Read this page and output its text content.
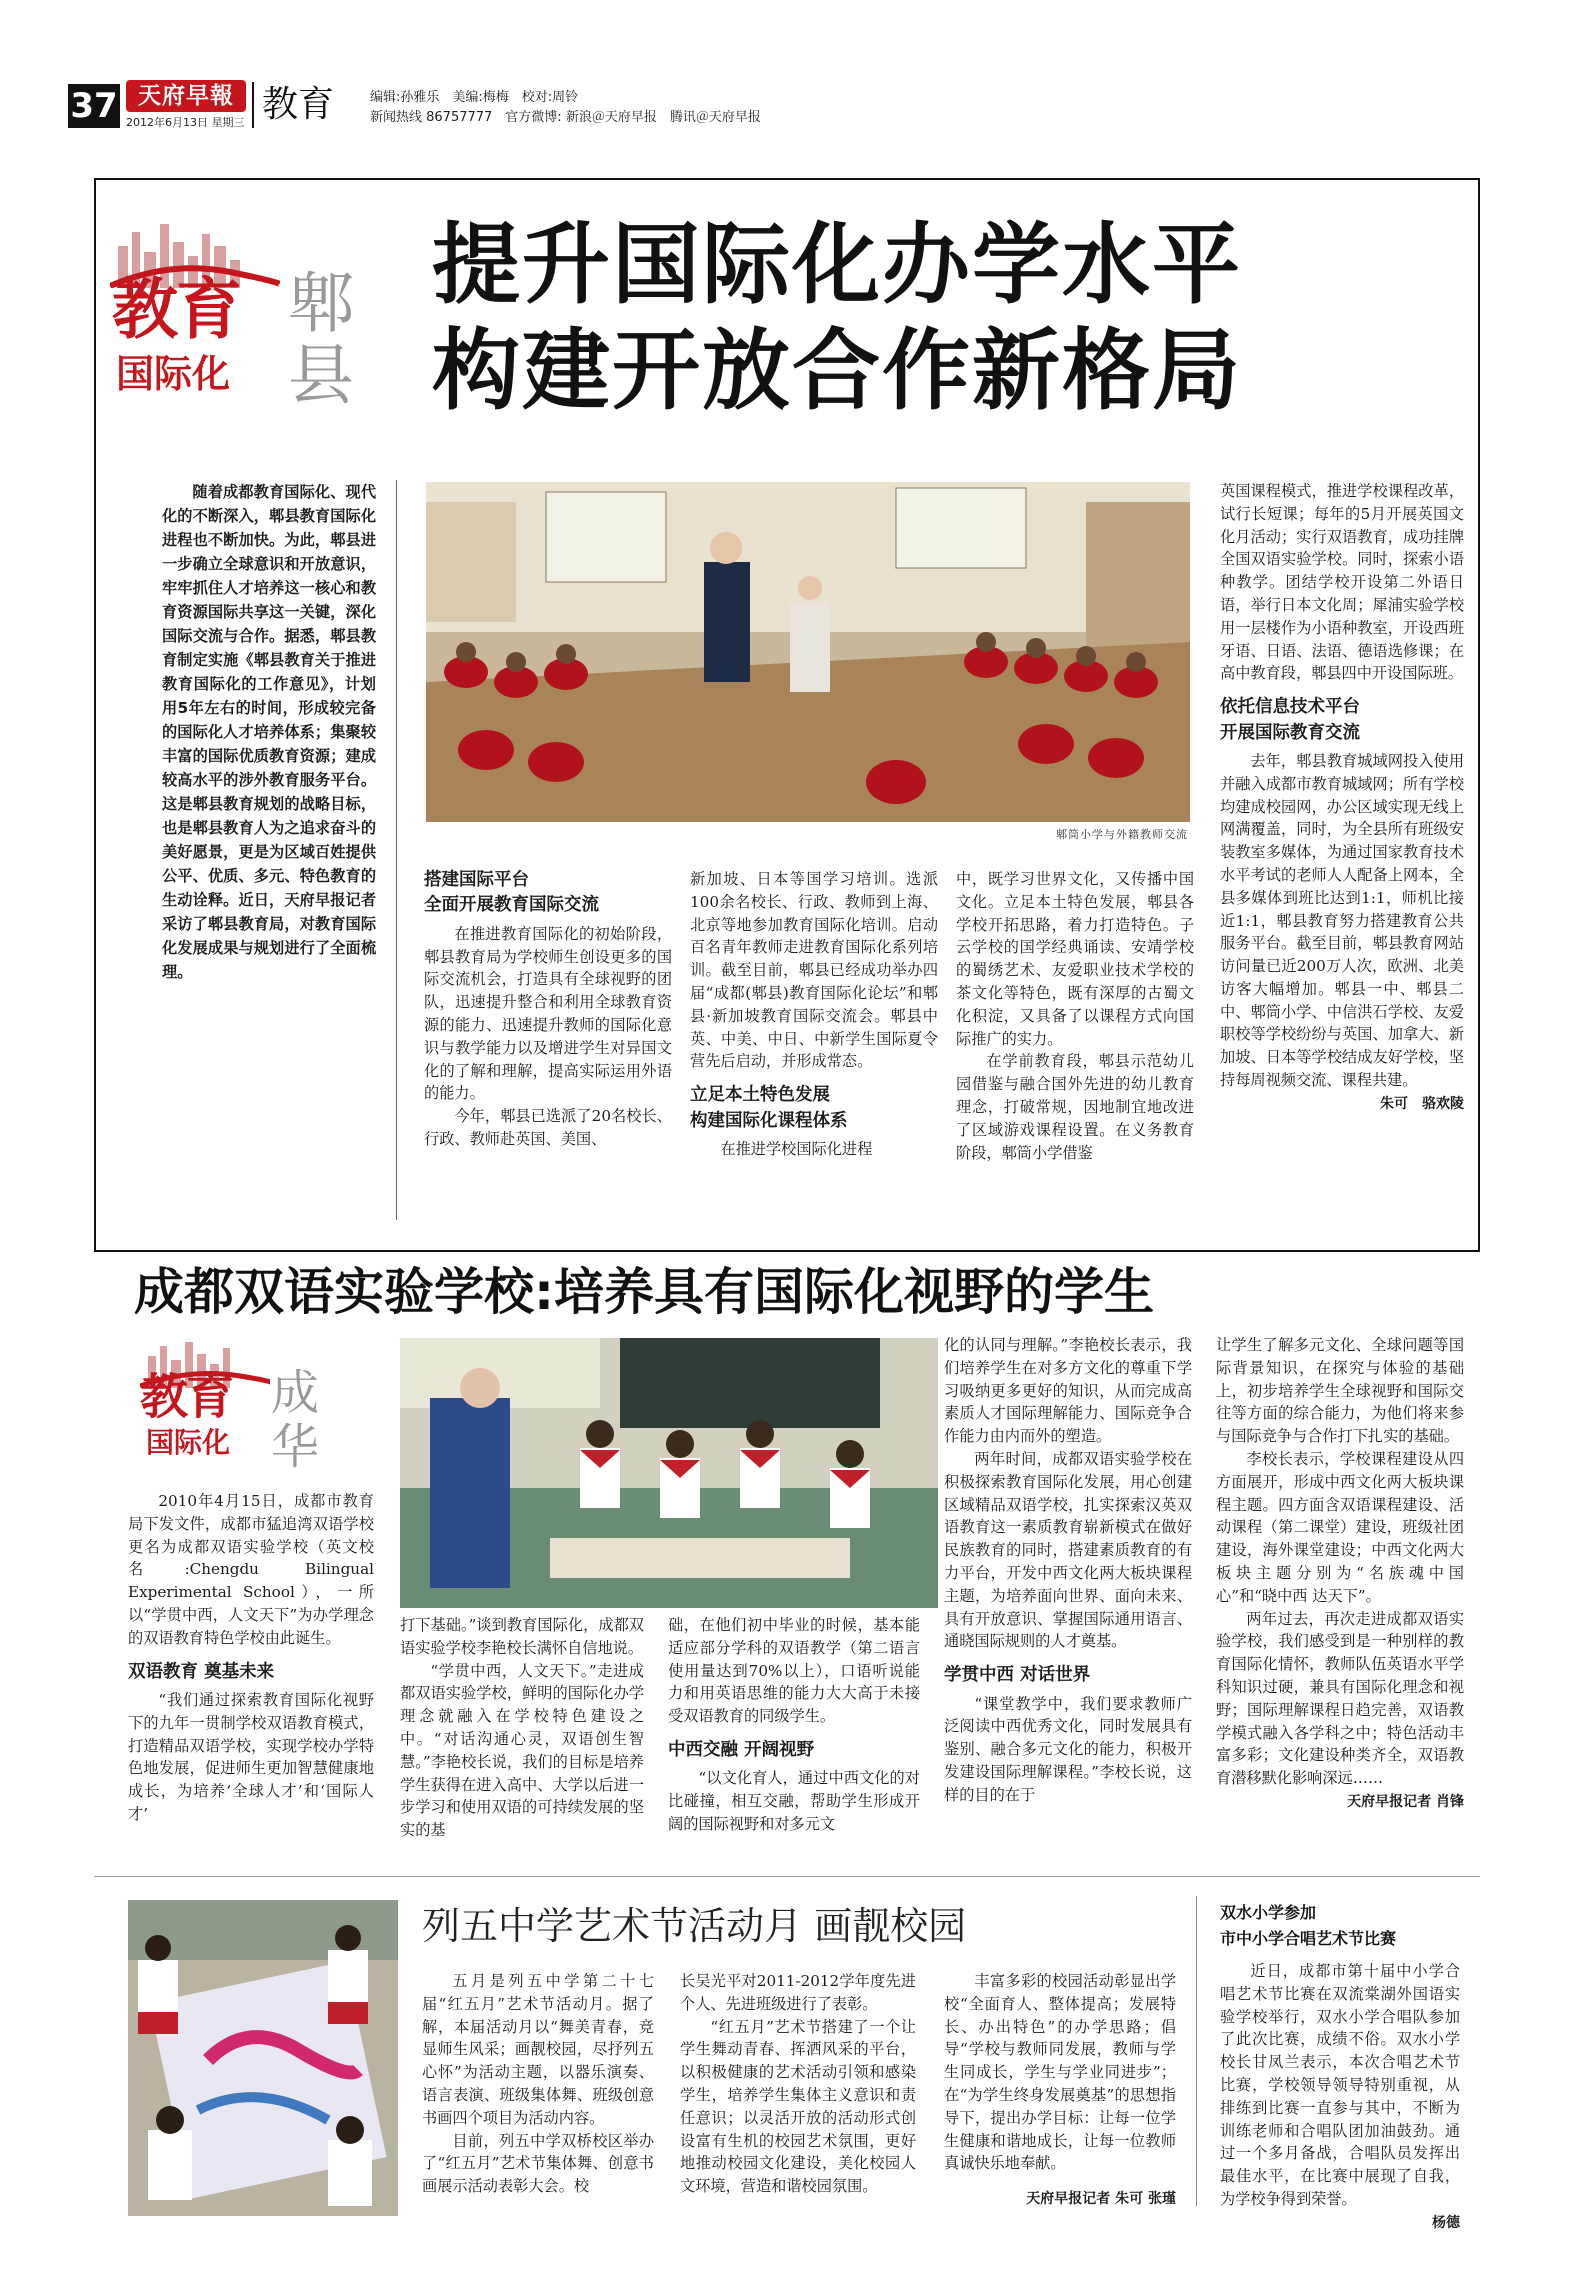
37 天府早報
2012年6月13日 星期三 教育	编辑:孙雅乐　美编:梅梅　校对:周铃
新闻热线 86757777　官方微博: 新浪＠天府早报　腾讯＠天府早报
教育
国际化
郫县
提升国际化办学水平
构建开放合作新格局

随着成都教育国际化、现代化的不断深入，郫县教育国际化进程也不断加快。为此，郫县进一步确立全球意识和开放意识，牢牢抓住人才培养这一核心和教育资源国际共享这一关键，深化国际交流与合作。据悉，郫县教育制定实施《郫县教育关于推进教育国际化的工作意见》，计划用5年左右的时间，形成较完备的国际化人才培养体系；集聚较丰富的国际优质教育资源；建成较高水平的涉外教育服务平台。这是郫县教育规划的战略目标，也是郫县教育人为之追求奋斗的美好愿景，更是为区域百姓提供公平、优质、多元、特色教育的生动诠释。近日，天府早报记者采访了郫县教育局，对教育国际化发展成果与规划进行了全面梳理。

郫筒小学与外籍教师交流
搭建国际平台
全面开展教育国际交流

在推进教育国际化的初始阶段，郫县教育局为学校师生创设更多的国际交流机会，打造具有全球视野的团队，迅速提升整合和利用全球教育资源的能力、迅速提升教师的国际化意识与教学能力以及增进学生对异国文化的了解和理解，提高实际运用外语的能力。

今年，郫县已选派了20名校长、行政、教师赴英国、美国、

新加坡、日本等国学习培训。选派100余名校长、行政、教师到上海、北京等地参加教育国际化培训。启动百名青年教师走进教育国际化系列培训。截至目前，郫县已经成功举办四届“成都(郫县)教育国际化论坛”和郫县·新加坡教育国际交流会。郫县中英、中美、中日、中新学生国际夏令营先后启动，并形成常态。

立足本土特色发展
构建国际化课程体系

在推进学校国际化进程

中，既学习世界文化，又传播中国文化。立足本土特色发展，郫县各学校开拓思路，着力打造特色。子云学校的国学经典诵读、安靖学校的蜀绣艺术、友爱职业技术学校的茶文化等特色，既有深厚的古蜀文化积淀，又具备了以课程方式向国际推广的实力。

在学前教育段，郫县示范幼儿园借鉴与融合国外先进的幼儿教育理念，打破常规，因地制宜地改进了区域游戏课程设置。在义务教育阶段，郫筒小学借鉴

英国课程模式，推进学校课程改革，试行长短课；每年的5月开展英国文化月活动；实行双语教育，成功挂牌全国双语实验学校。同时，探索小语种教学。团结学校开设第二外语日语，举行日本文化周；犀浦实验学校用一层楼作为小语种教室，开设西班牙语、日语、法语、德语选修课；在高中教育段，郫县四中开设国际班。

依托信息技术平台
开展国际教育交流

去年，郫县教育城域网投入使用并融入成都市教育城域网；所有学校均建成校园网，办公区域实现无线上网满覆盖，同时，为全县所有班级安装教室多媒体，为通过国家教育技术水平考试的老师人人配备上网本，全县多媒体到班比达到1:1，师机比接近1:1，郫县教育努力搭建教育公共服务平台。截至目前，郫县教育网站访问量已近200万人次，欧洲、北美访客大幅增加。郫县一中、郫县二中、郫筒小学、中信洪石学校、友爱职校等学校纷纷与英国、加拿大、新加坡、日本等学校结成友好学校，坚持每周视频交流、课程共建。

朱可　骆欢陵
成都双语实验学校:培养具有国际化视野的学生
教育
国际化
成华

2010年4月15日，成都市教育局下发文件，成都市猛追湾双语学校更名为成都双语实验学校（英文校名:Chengdu Bilingual Experimental School），一所以“学贯中西，人文天下”为办学理念的双语教育特色学校由此诞生。

双语教育 奠基未来

“我们通过探索教育国际化视野下的九年一贯制学校双语教育模式，打造精品双语学校，实现学校办学特色地发展，促进师生更加智慧健康地成长，为培养‘全球人才’和‘国际人才’

打下基础。”谈到教育国际化，成都双语实验学校李艳校长满怀自信地说。

“学贯中西，人文天下。”走进成都双语实验学校，鲜明的国际化办学理念就融入在学校特色建设之中。“对话沟通心灵，双语创生智慧。”李艳校长说，我们的目标是培养学生获得在进入高中、大学以后进一步学习和使用双语的可持续发展的坚实的基

础，在他们初中毕业的时候，基本能适应部分学科的双语教学（第二语言使用量达到70%以上），口语听说能力和用英语思维的能力大大高于未接受双语教育的同级学生。

中西交融 开阔视野

“以文化育人，通过中西文化的对比碰撞，相互交融，帮助学生形成开阔的国际视野和对多元文

化的认同与理解。”李艳校长表示，我们培养学生在对多方文化的尊重下学习吸纳更多更好的知识，从而完成高素质人才国际理解能力、国际竞争合作能力由内而外的塑造。

两年时间，成都双语实验学校在积极探索教育国际化发展，用心创建区域精品双语学校，扎实探索汉英双语教育这一素质教育崭新模式在做好民族教育的同时，搭建素质教育的有力平台，开发中西文化两大板块课程主题，为培养面向世界、面向未来、具有开放意识、掌握国际通用语言、通晓国际规则的人才奠基。

学贯中西 对话世界

“课堂教学中，我们要求教师广泛阅读中西优秀文化，同时发展具有鉴别、融合多元文化的能力，积极开发建设国际理解课程。”李校长说，这样的目的在于

让学生了解多元文化、全球问题等国际背景知识，在探究与体验的基础上，初步培养学生全球视野和国际交往等方面的综合能力，为他们将来参与国际竞争与合作打下扎实的基础。

李校长表示，学校课程建设从四方面展开，形成中西文化两大板块课程主题。四方面含双语课程建设、活动课程（第二课堂）建设，班级社团建设，海外课堂建设；中西文化两大板块主题分别为“名族魂中国心”和“晓中西 达天下”。

两年过去，再次走进成都双语实验学校，我们感受到是一种别样的教育国际化情怀，教师队伍英语水平学科知识过硬，兼具有国际化理念和视野；国际理解课程日趋完善，双语教学模式融入各学科之中；特色活动丰富多彩；文化建设种类齐全，双语教育潜移默化影响深远……

天府早报记者 肖锋
列五中学艺术节活动月 画靓校园

五月是列五中学第二十七届“红五月”艺术节活动月。据了解，本届活动月以“舞美青春，竞显师生风采；画靓校园，尽抒列五心怀”为活动主题，以器乐演奏、语言表演、班级集体舞、班级创意书画四个项目为活动内容。

目前，列五中学双桥校区举办了“红五月”艺术节集体舞、创意书画展示活动表彰大会。校

长吴光平对2011-2012学年度先进个人、先进班级进行了表彰。

“红五月”艺术节搭建了一个让学生舞动青春、挥洒风采的平台，以积极健康的艺术活动引领和感染学生，培养学生集体主义意识和责任意识；以灵活开放的活动形式创设富有生机的校园艺术氛围，更好地推动校园文化建设，美化校园人文环境，营造和谐校园氛围。

丰富多彩的校园活动彰显出学校“全面育人、整体提高；发展特长、办出特色”的办学思路；倡导“学校与教师同发展，教师与学生同成长，学生与学业同进步”；在“为学生终身发展奠基”的思想指导下，提出办学目标：让每一位学生健康和谐地成长，让每一位教师真诚快乐地奉献。

天府早报记者 朱可 张瑾
双水小学参加
市中小学合唱艺术节比赛

近日，成都市第十届中小学合唱艺术节比赛在双流棠湖外国语实验学校举行，双水小学合唱队参加了此次比赛，成绩不俗。双水小学校长甘凤兰表示，本次合唱艺术节比赛，学校领导领导特别重视，从排练到比赛一直参与其中，不断为训练老师和合唱队团加油鼓劲。通过一个多月备战，合唱队员发挥出最佳水平，在比赛中展现了自我，为学校争得到荣誉。

杨德
